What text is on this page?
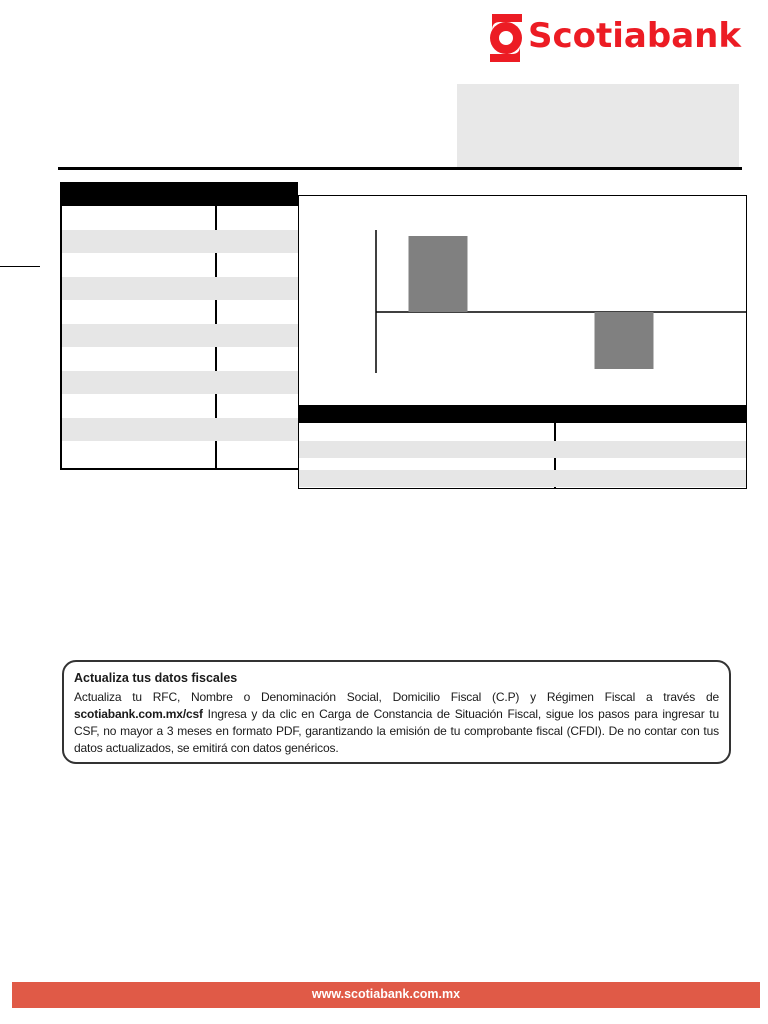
Scotiabank
Actualiza tus datos fiscales
Actualiza tu RFC, Nombre o Denominación Social, Domicilio Fiscal (C.P) y Régimen Fiscal a través de scotiabank.com.mx/csf Ingresa y da clic en Carga de Constancia de Situación Fiscal, sigue los pasos para ingresar tu CSF, no mayor a 3 meses en formato PDF, garantizando la emisión de tu comprobante fiscal (CFDI). De no contar con tus datos actualizados, se emitirá con datos genéricos.
www.scotiabank.com.mx
